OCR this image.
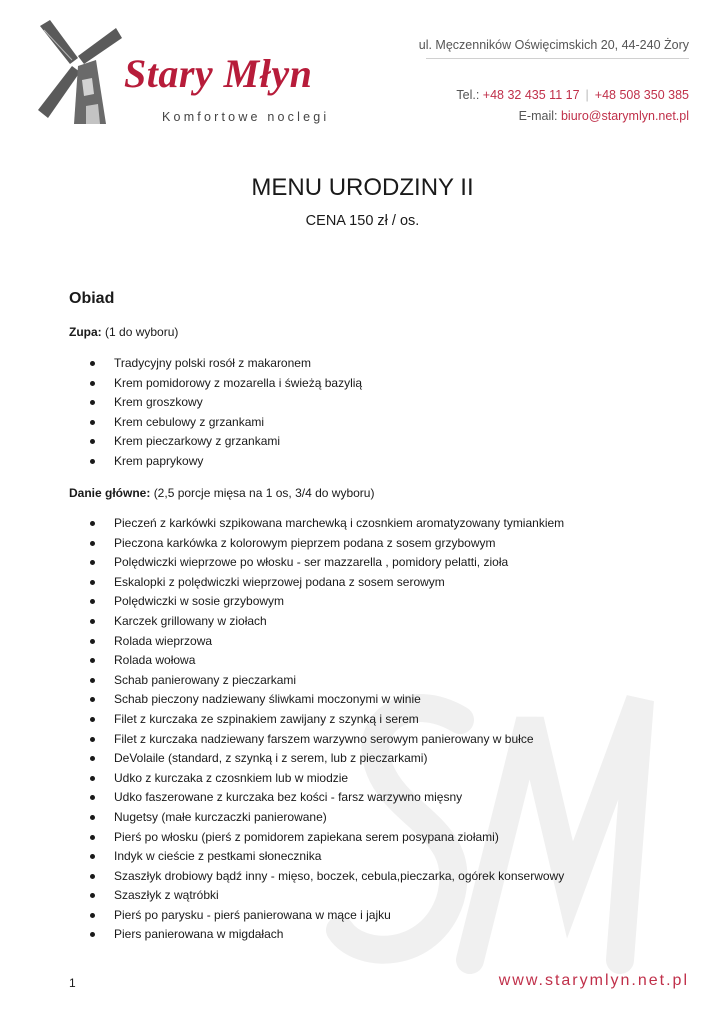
Stary Młyn
Komfortowe noclegi
ul. Męczenników Oświęcimskich 20, 44-240 Żory
Tel.: +48 32 435 11 17 | +48 508 350 385
E-mail: biuro@starymlyn.net.pl
MENU URODZINY II
CENA 150 zł / os.
Obiad
Zupa: (1 do wyboru)
Tradycyjny polski rosół z makaronem
Krem pomidorowy z mozarella i świeżą bazylią
Krem groszkowy
Krem cebulowy z grzankami
Krem pieczarkowy z grzankami
Krem paprykowy
Danie główne: (2,5 porcje mięsa na 1 os, 3/4 do wyboru)
Pieczeń z karkówki szpikowana marchewką i czosnkiem aromatyzowany tymiankiem
Pieczona karkówka z kolorowym pieprzem podana z sosem grzybowym
Polędwiczki wieprzowe po włosku - ser mazzarella , pomidory pelatti, zioła
Eskalopki z polędwiczki wieprzowej podana z sosem serowym
Polędwiczki w sosie grzybowym
Karczek grillowany w ziołach
Rolada wieprzowa
Rolada wołowa
Schab panierowany z pieczarkami
Schab pieczony nadziewany śliwkami moczonymi w winie
Filet z kurczaka ze szpinakiem zawijany z szynką i serem
Filet z kurczaka nadziewany farszem warzywno serowym panierowany w bułce
DeVolaile (standard, z szynką i z serem, lub z pieczarkami)
Udko z kurczaka z czosnkiem lub w miodzie
Udko faszerowane z kurczaka bez kości - farsz warzywno mięsny
Nugetsy (małe kurczaczki panierowane)
Pierś po włosku (pierś z pomidorem zapiekana serem posypana ziołami)
Indyk w cieście z pestkami słonecznika
Szaszłyk drobiowy bądź inny - mięso, boczek, cebula,pieczarka, ogórek konserwowy
Szaszłyk z wątróbki
Pierś po parysku - pierś panierowana w mące i jajku
Piers panierowana w migdałach
1	www.starymlyn.net.pl
